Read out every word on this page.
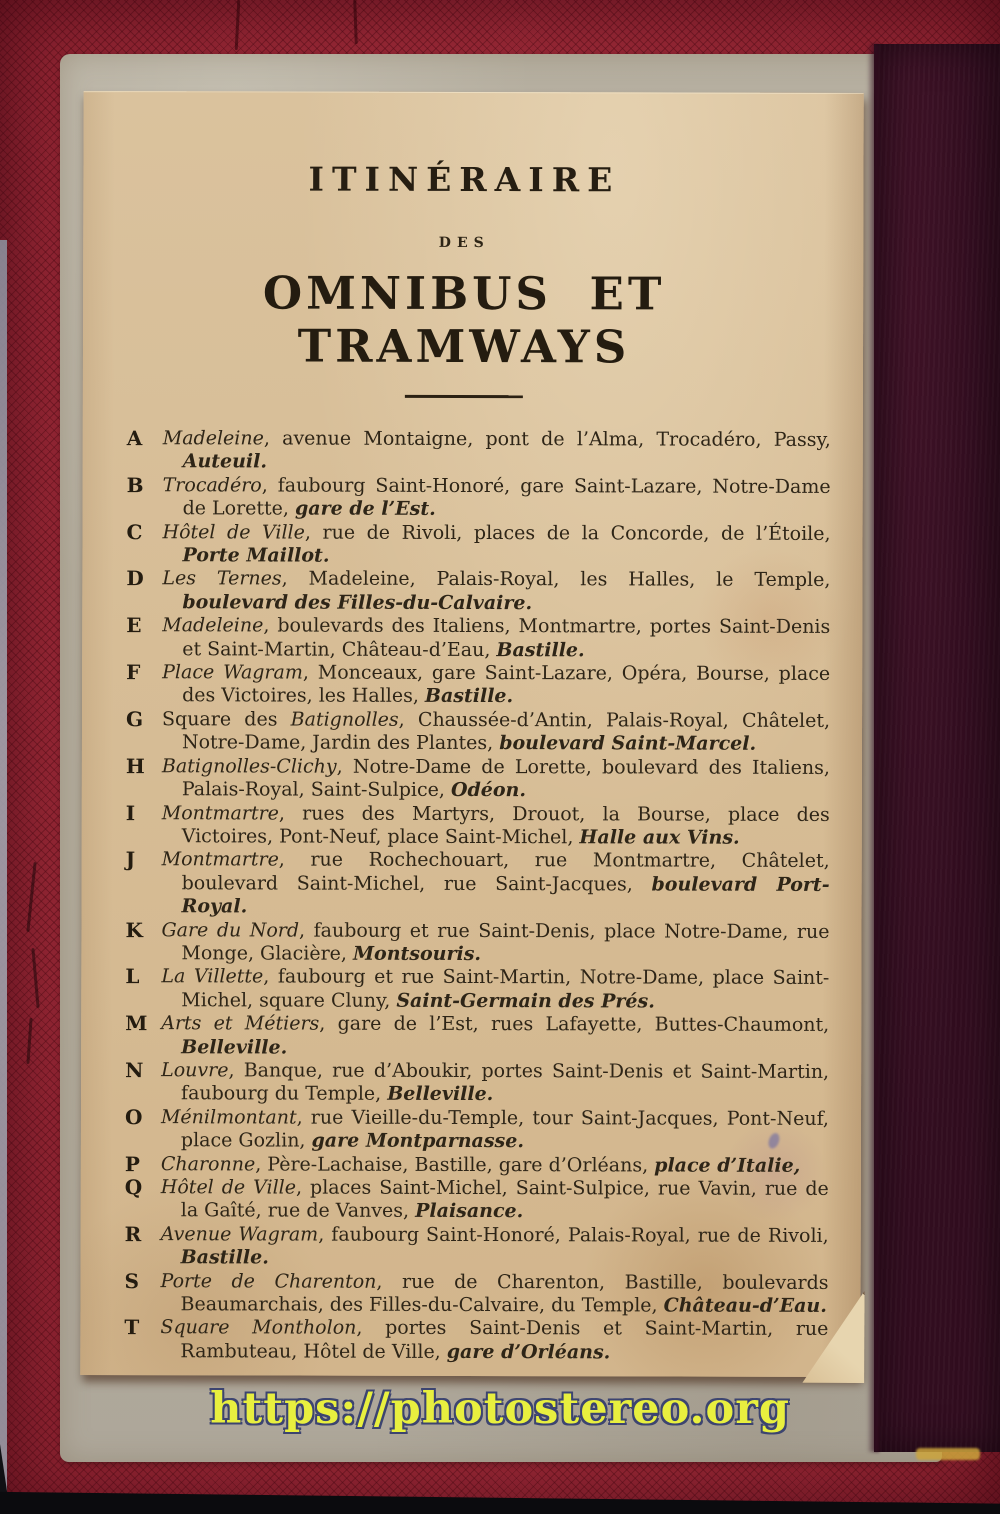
ITINÉRAIRE
DES
OMNIBUS ET TRAMWAYS
A	Madeleine, avenue Montaigne, pont de l’Alma, Trocadéro, Passy, Auteuil.
B Trocadéro, faubourg Saint-Honoré, gare Saint-Lazare, Notre-Dame de Lorette, gare de l’Est.
C	Hôtel de Ville, rue de Rivoli, places de la Concorde, de l’Étoile, Porte Maillot.
D Les Ternes, Madeleine, Palais-Royal, les Halles, le Temple, boulevard des Filles-du-Calvaire.
E	Madeleine, boulevards des Italiens, Montmartre, portes Saint-Denis et Saint-Martin, Château-d’Eau, Bastille.
F	Place Wagram, Monceaux, gare Saint-Lazare, Opéra, Bourse, place des Victoires, les Halles, Bastille.
G Square des Batignolles, Chaussée-d’Antin, Palais-Royal, Châtelet, Notre-Dame, Jardin des Plantes, boulevard Saint-Marcel.
H Batignolles-Clichy, Notre-Dame de Lorette, boulevard des Italiens, Palais-Royal, Saint-Sulpice, Odéon.
I	Montmartre, rues des Martyrs, Drouot, la Bourse, place des Victoires, Pont-Neuf, place Saint-Michel, Halle aux Vins.
J	Montmartre, rue Rochechouart, rue Montmartre, Châtelet, boulevard Saint-Michel, rue Saint-Jacques, boulevard Port-Royal.
K Gare du Nord, faubourg et rue Saint-Denis, place Notre-Dame, rue Monge, Glacière, Montsouris.
L	La Villette, faubourg et rue Saint-Martin, Notre-Dame, place Saint-Michel, square Cluny, Saint-Germain des Prés.
M Arts et Métiers, gare de l’Est, rues Lafayette, Buttes-Chaumont, Belleville.
N Louvre, Banque, rue d’Aboukir, portes Saint-Denis et Saint-Martin, faubourg du Temple, Belleville.
O Ménilmontant, rue Vieille-du-Temple, tour Saint-Jacques, Pont-Neuf, place Gozlin, gare Montparnasse.
P	Charonne, Père-Lachaise, Bastille, gare d’Orléans, place d’Italie,
Q Hôtel de Ville, places Saint-Michel, Saint-Sulpice, rue Vavin, rue de la Gaîté, rue de Vanves, Plaisance.
R Avenue Wagram, faubourg Saint-Honoré, Palais-Royal, rue de Rivoli, Bastille.
S	Porte de Charenton, rue de Charenton, Bastille, boulevards Beaumarchais, des Filles-du-Calvaire, du Temple, Château-d’Eau.
T	Square Montholon, portes Saint-Denis et Saint-Martin, rue Rambuteau, Hôtel de Ville, gare d’Orléans.
https://photostereo.org
